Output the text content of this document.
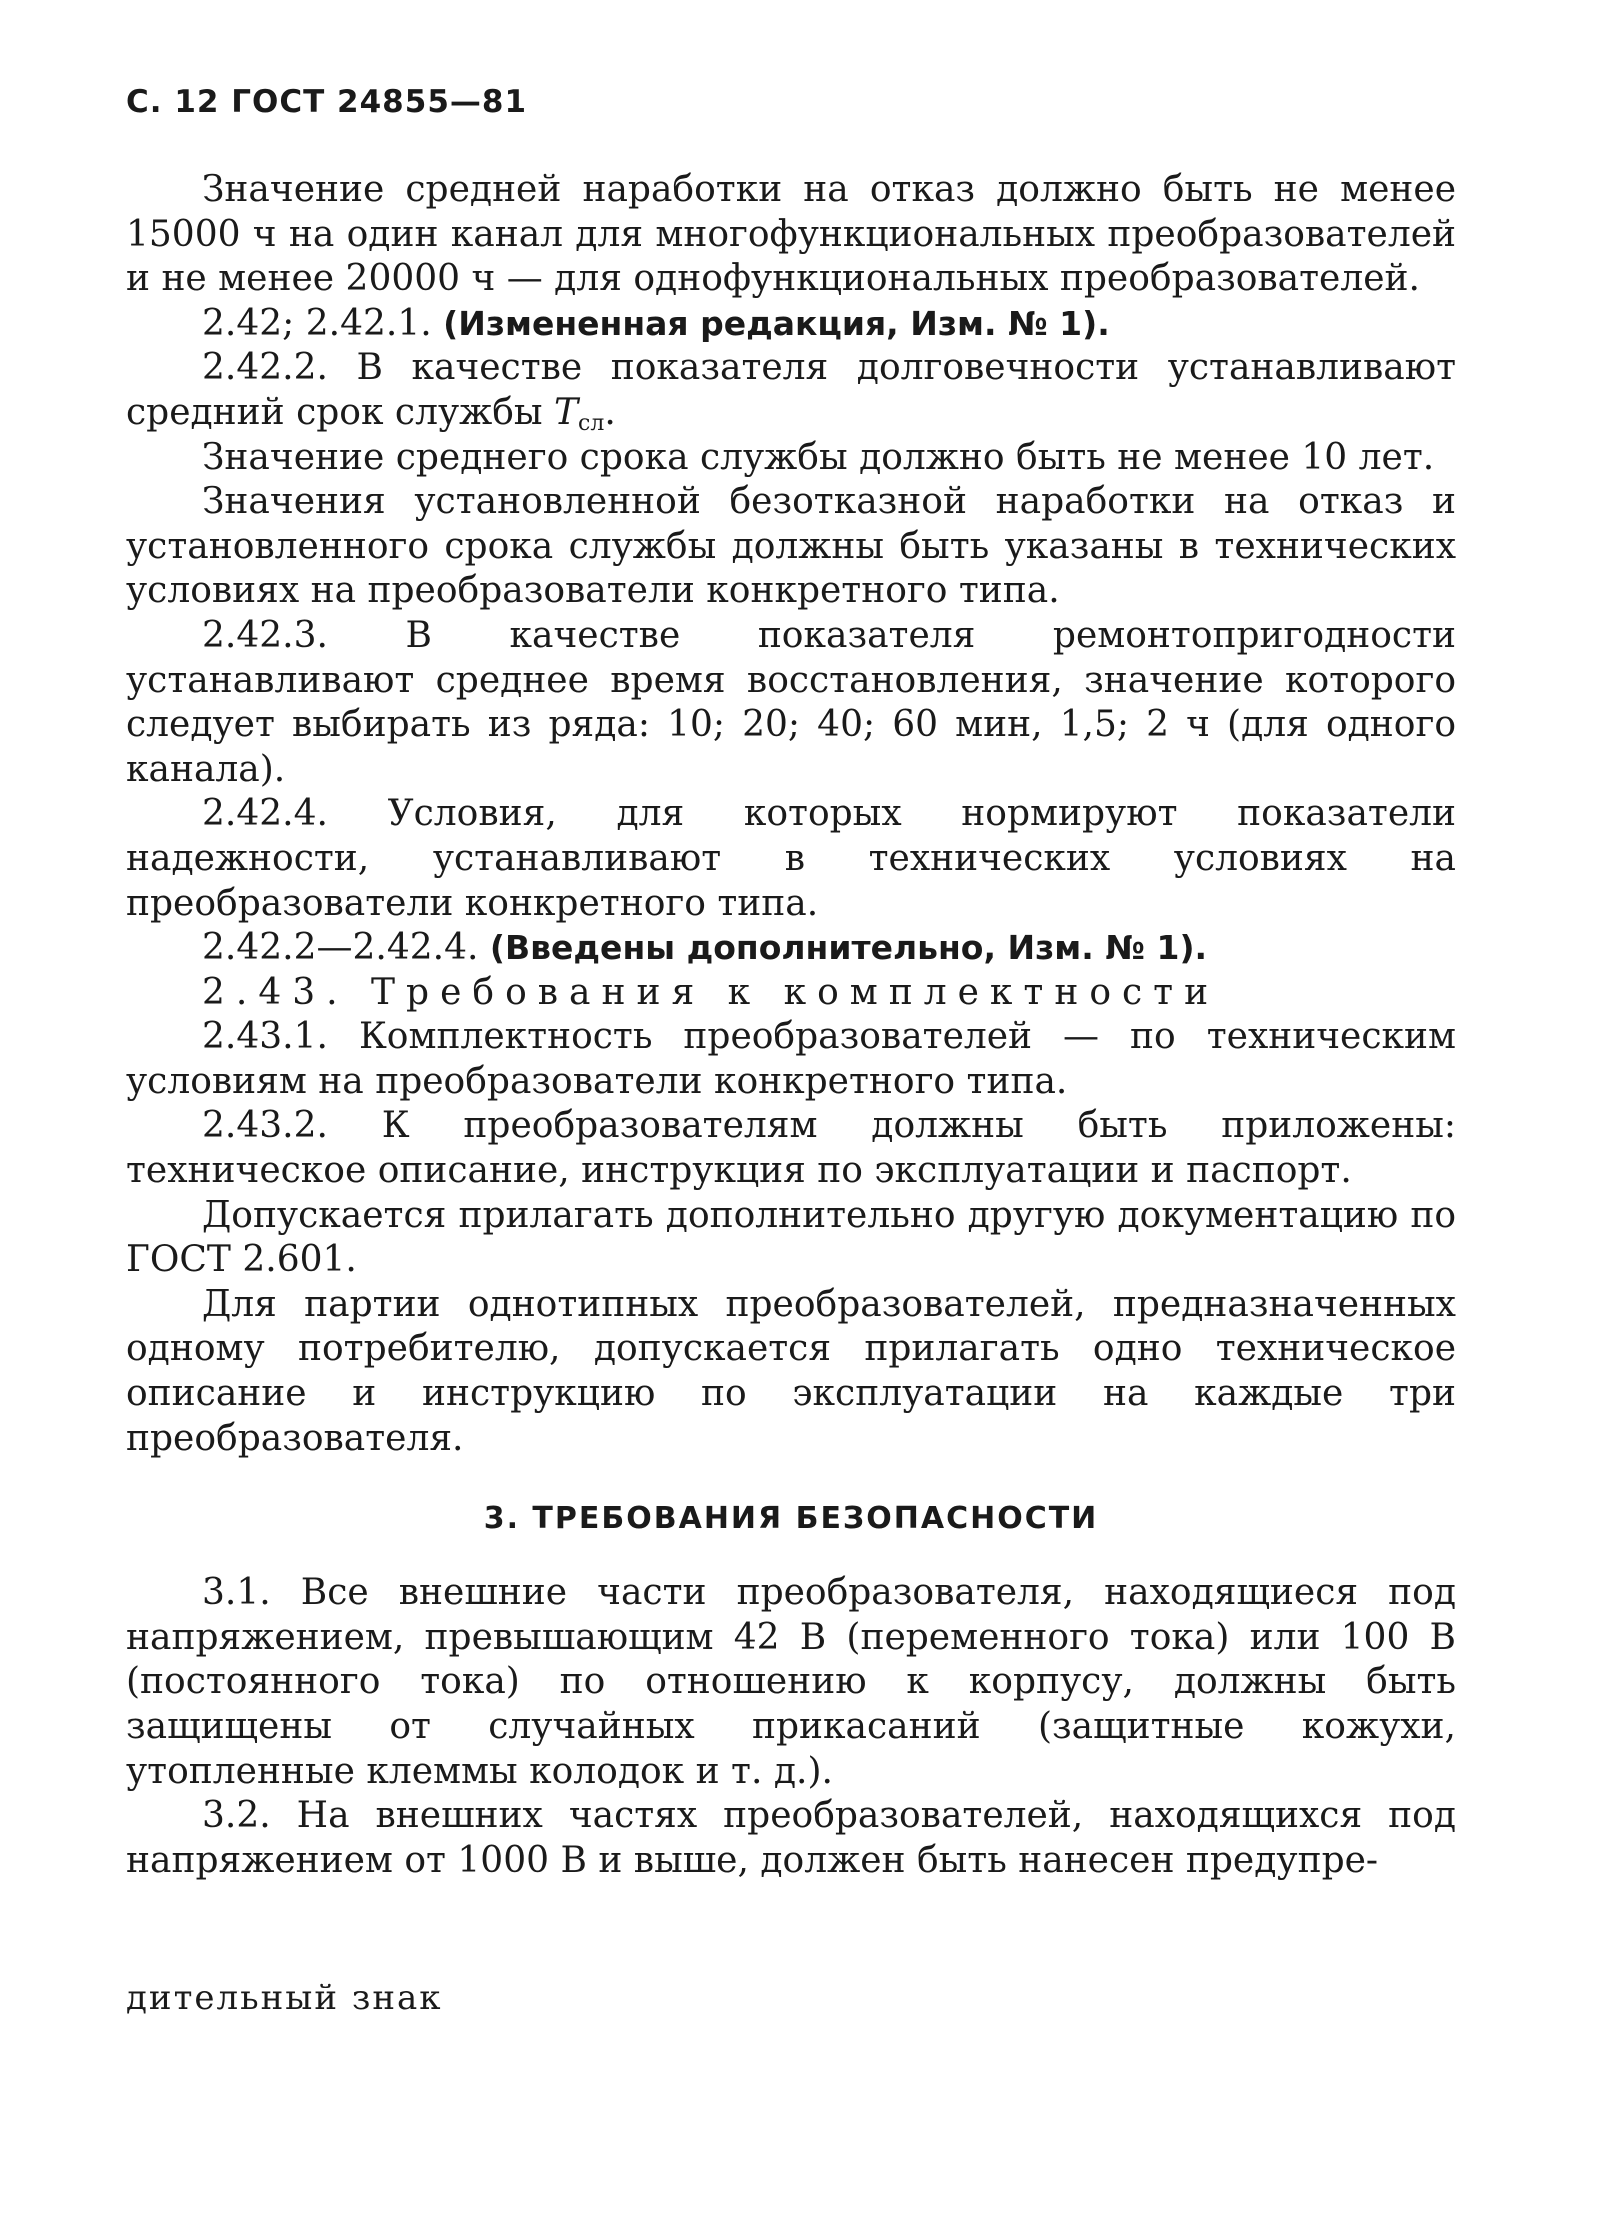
С. 12 ГОСТ 24855—81

Значение средней наработки на отказ должно быть не менее 15000 ч на один канал для многофункциональных преобразователей и не менее 20000 ч — для однофункциональных преобразователей.

2.42; 2.42.1. (Измененная редакция, Изм. № 1).

2.42.2. В качестве показателя долговечности устанавливают средний срок службы $T_{сл}$.

Значение среднего срока службы должно быть не менее 10 лет.

Значения установленной безотказной наработки на отказ и установленного срока службы должны быть указаны в технических условиях на преобразователи конкретного типа.

2.42.3. В качестве показателя ремонтопригодности устанавливают среднее время восстановления, значение которого следует выбирать из ряда: 10; 20; 40; 60 мин, 1,5; 2 ч (для одного канала).

2.42.4. Условия, для которых нормируют показатели надежности, устанавливают в технических условиях на преобразователи конкретного типа.

2.42.2—2.42.4. (Введены дополнительно, Изм. № 1).

2.43. Требования к комплектности

2.43.1. Комплектность преобразователей — по техническим условиям на преобразователи конкретного типа.

2.43.2. К преобразователям должны быть приложены: техническое описание, инструкция по эксплуатации и паспорт.

Допускается прилагать дополнительно другую документацию по ГОСТ 2.601.

Для партии однотипных преобразователей, предназначенных одному потребителю, допускается прилагать одно техническое описание и инструкцию по эксплуатации на каждые три преобразователя.

3. ТРЕБОВАНИЯ БЕЗОПАСНОСТИ

3.1. Все внешние части преобразователя, находящиеся под напряжением, превышающим 42 В (переменного тока) или 100 В (постоянного тока) по отношению к корпусу, должны быть защищены от случайных прикасаний (защитные кожухи, утопленные клеммы колодок и т. д.).

3.2. На внешних частях преобразователей, находящихся под напряжением от 1000 В и выше, должен быть нанесен предупре-

дительный знак
